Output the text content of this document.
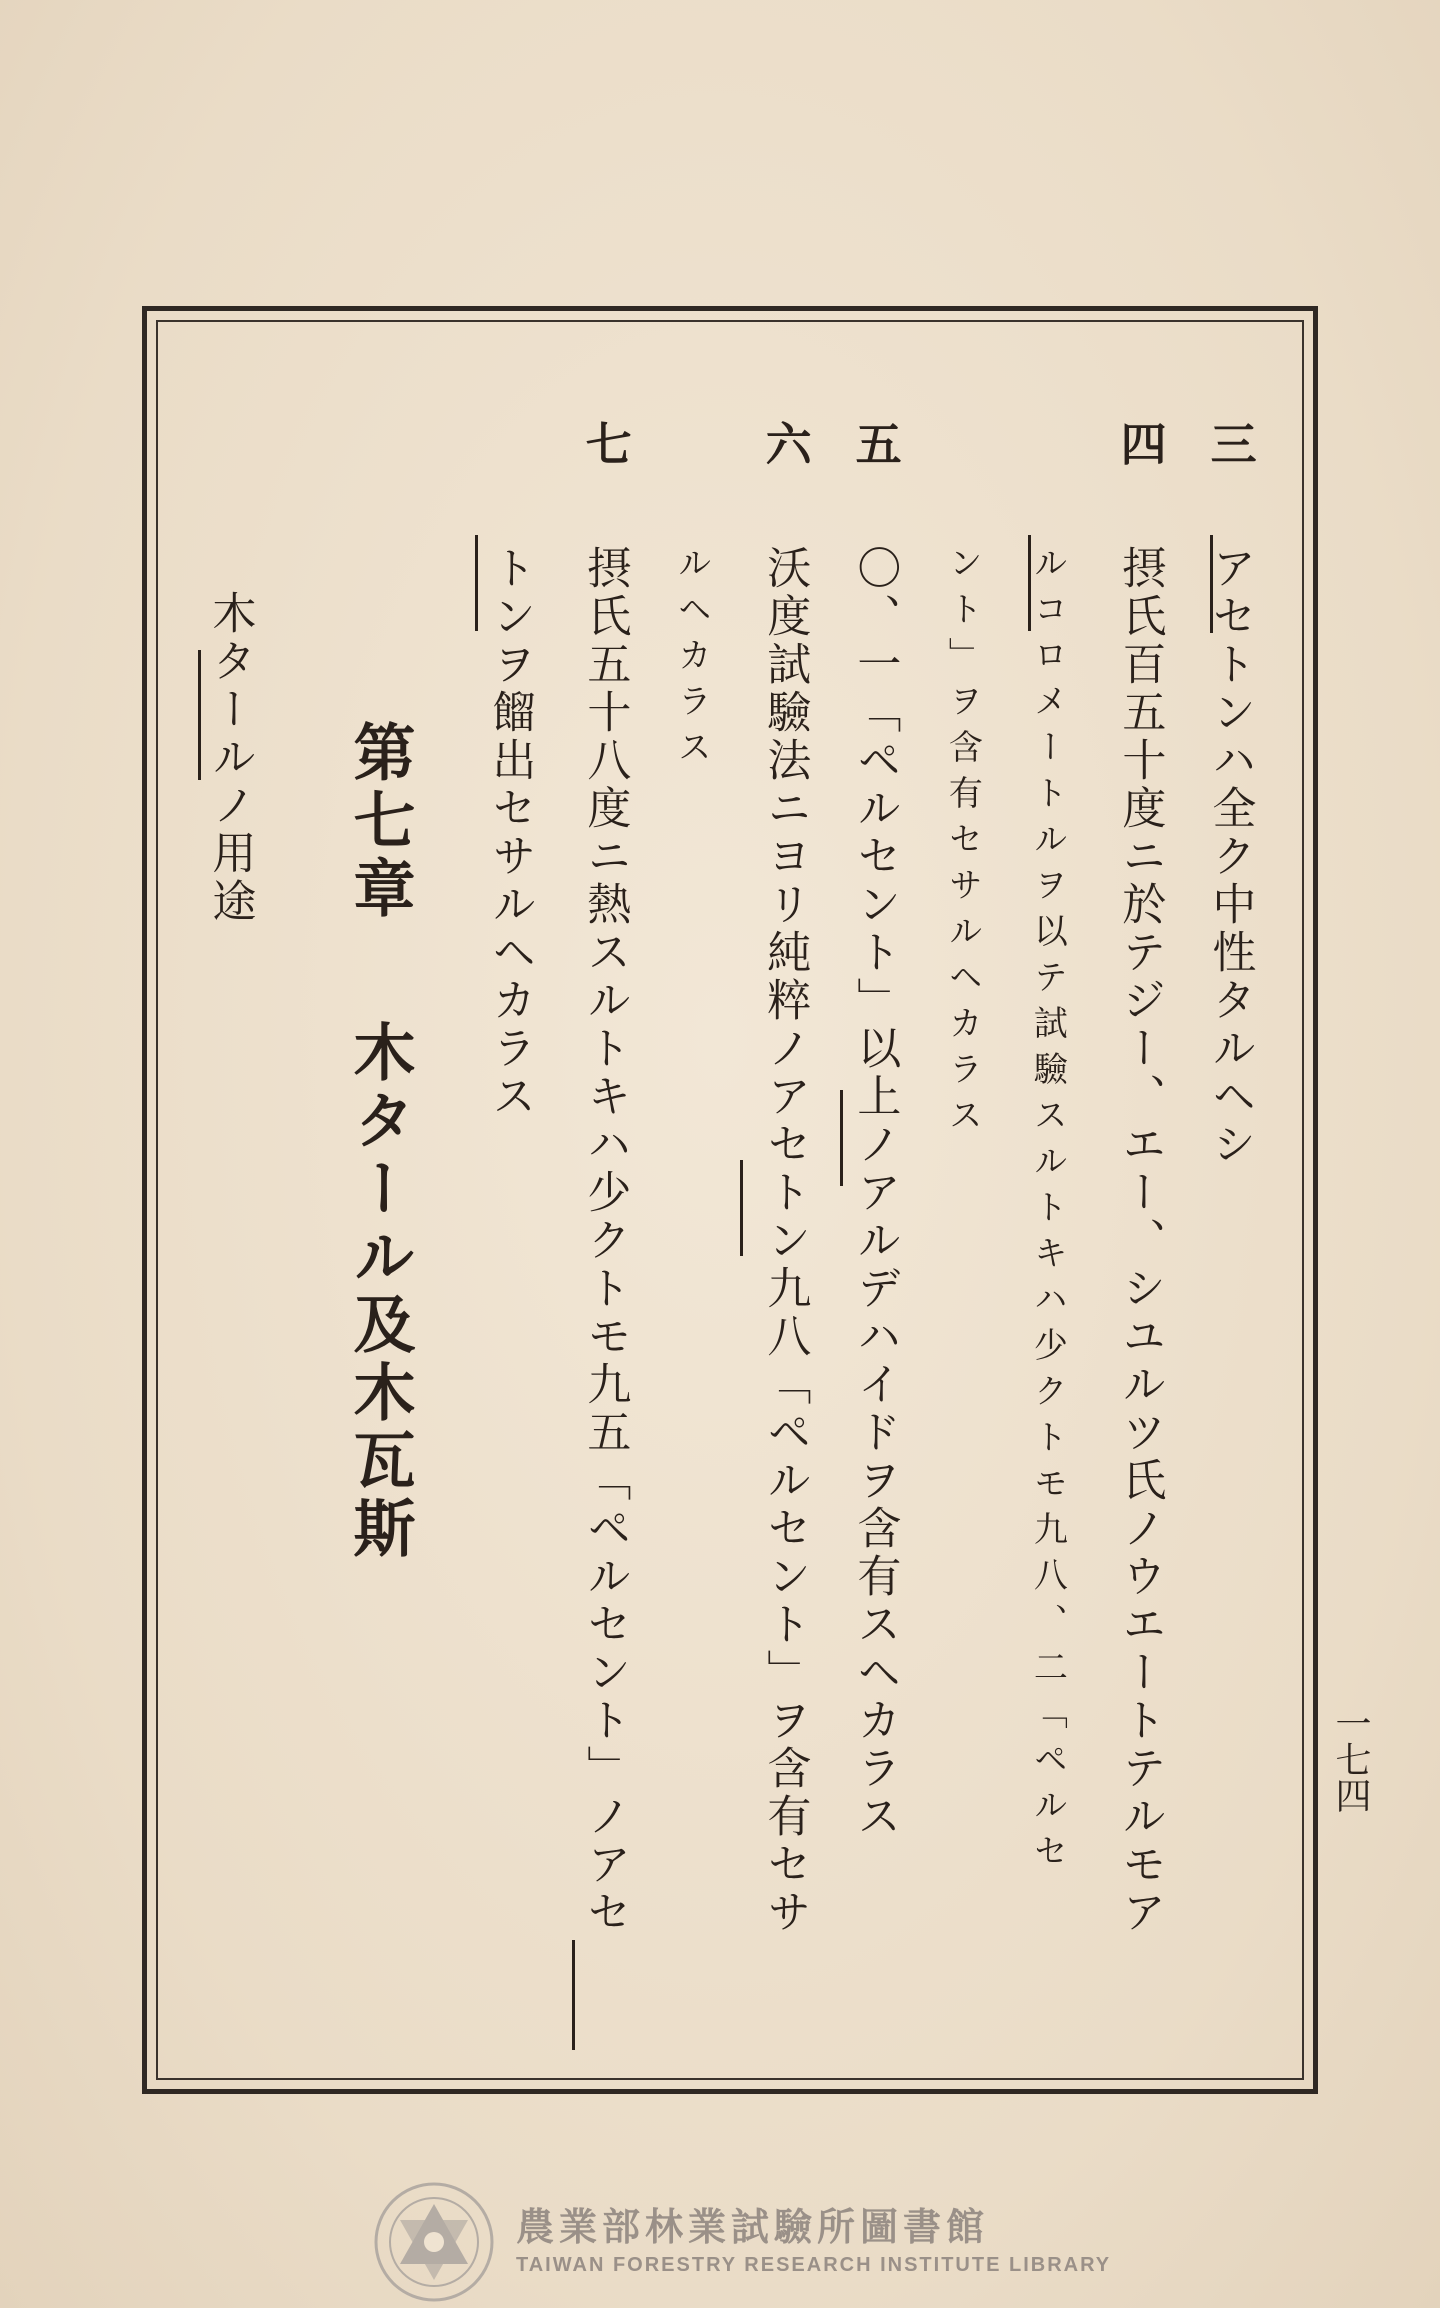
三
アセトンハ全ク中性タルヘシ
四
摂氏百五十度ニ於テジー、エー、シユルツ氏ノウエートテルモア
ルコロメートルヲ以テ試驗スルトキハ少クトモ九八、二「ペルセ
ント」ヲ含有セサルヘカラス
五
〇、一「ペルセント」以上ノアルデハイドヲ含有スヘカラス
六
沃度試驗法ニヨリ純粹ノアセトン九八「ペルセント」ヲ含有セサ
ルヘカラス
七
摂氏五十八度ニ熱スルトキハ少クトモ九五「ペルセント」ノアセ
トンヲ餾出セサルヘカラス
第七章
木タール及木瓦斯
木タールノ用途
一七四
農業部林業試驗所圖書館
TAIWAN FORESTRY RESEARCH INSTITUTE LIBRARY
